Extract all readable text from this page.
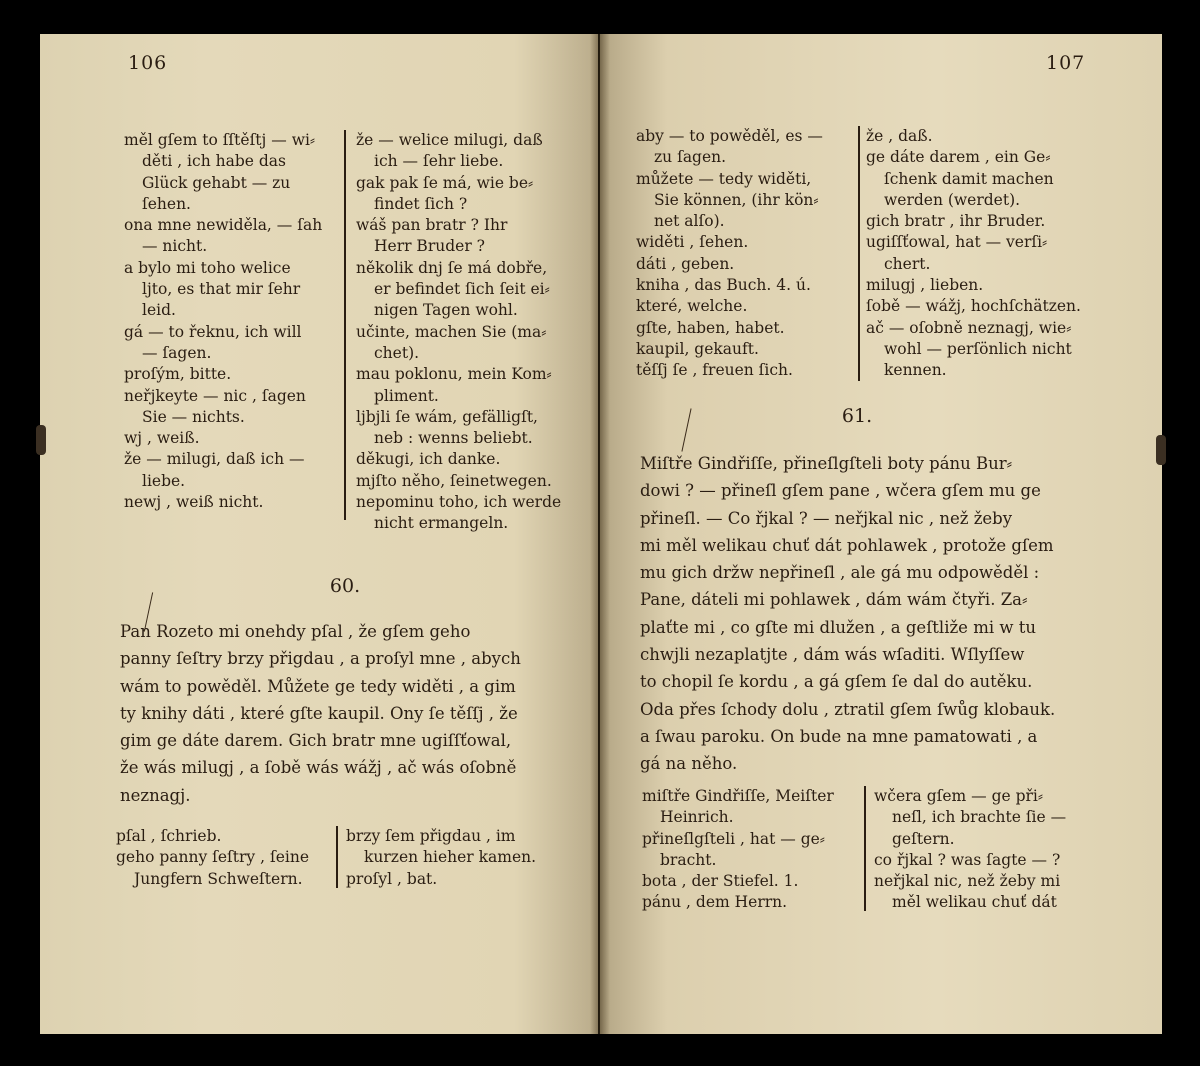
106
měl gſem to ſſtěſtj — wi⸗
děti , ich habe das
Glück gehabt — zu
ſehen.
ona mne newiděla, — ſah
— nicht.
a bylo mi toho welice
ljto, es that mir ſehr
leid.
gá — to řeknu, ich will
— ſagen.
proſým, bitte.
neřjkeyte — nic , ſagen
Sie — nichts.
wj , weiß.
že — milugi, daß ich —
liebe.
newj , weiß nicht.
že — welice milugi, daß
ich — ſehr liebe.
gak pak ſe má, wie be⸗
findet ſich ?
wáš pan bratr ? Ihr
Herr Bruder ?
několik dnj ſe má dobře,
er befindet ſich ſeit ei⸗
nigen Tagen wohl.
učinte, machen Sie (ma⸗
chet).
mau poklonu, mein Kom⸗
pliment.
ljbjli ſe wám, gefälligſt,
neb : wenns beliebt.
děkugi, ich danke.
mjſto něho, ſeinetwegen.
nepominu toho, ich werde
nicht ermangeln.
60.
Pan Rozeto mi onehdy pſal , že gſem geho
panny ſeſtry brzy přigdau , a proſyl mne , abych
wám to powěděl. Můžete ge tedy widěti , a gim
ty knihy dáti , které gſte kaupil. Ony ſe těſſj , že
gim ge dáte darem. Gich bratr mne ugiſſťowal,
že wás milugj , a ſobě wás wážj , ač wás oſobně
neznagj.
pſal , ſchrieb.
geho panny ſeſtry , ſeine
Jungfern Schweſtern.
brzy ſem přigdau , im
kurzen hieher kamen.
proſyl , bat.
107
aby — to powěděl, es —
zu ſagen.
můžete — tedy widěti,
Sie können, (ihr kön⸗
net alſo).
widěti , ſehen.
dáti , geben.
kniha , das Buch. 4. ú.
které, welche.
gſte, haben, habet.
kaupil, gekauft.
těſſj ſe , freuen ſich.
že , daß.
ge dáte darem , ein Ge⸗
ſchenk damit machen
werden (werdet).
gich bratr , ihr Bruder.
ugiſſťowal, hat — verſi⸗
chert.
milugj , lieben.
ſobě — wážj, hochſchätzen.
ač — oſobně neznagj, wie⸗
wohl — perſönlich nicht
kennen.
61.
Miſtře Gindřiſſe, přineſlgſteli boty pánu Bur⸗
dowi ? — přineſl gſem pane , wčera gſem mu ge
přineſl. — Co řjkal ? — neřjkal nic , než žeby
mi měl welikau chuť dát pohlawek , protože gſem
mu gich držw nepřineſl , ale gá mu odpowěděl :
Pane, dáteli mi pohlawek , dám wám čtyři. Za⸗
plaťte mi , co gſte mi dlužen , a geſtliže mi w tu
chwjli nezaplatjte , dám wás wſaditi. Wſlyſſew
to chopil ſe kordu , a gá gſem ſe dal do autěku.
Oda přes ſchody dolu , ztratil gſem ſwůg klobauk.
a ſwau paroku. On bude na mne pamatowati , a
gá na něho.
miſtře Gindřiſſe, Meiſter
Heinrich.
přineſlgſteli , hat — ge⸗
bracht.
bota , der Stiefel. 1.
pánu , dem Herrn.
wčera gſem — ge při⸗
neſl, ich brachte ſie —
geſtern.
co řjkal ? was ſagte — ?
neřjkal nic, než žeby mi
měl welikau chuť dát
